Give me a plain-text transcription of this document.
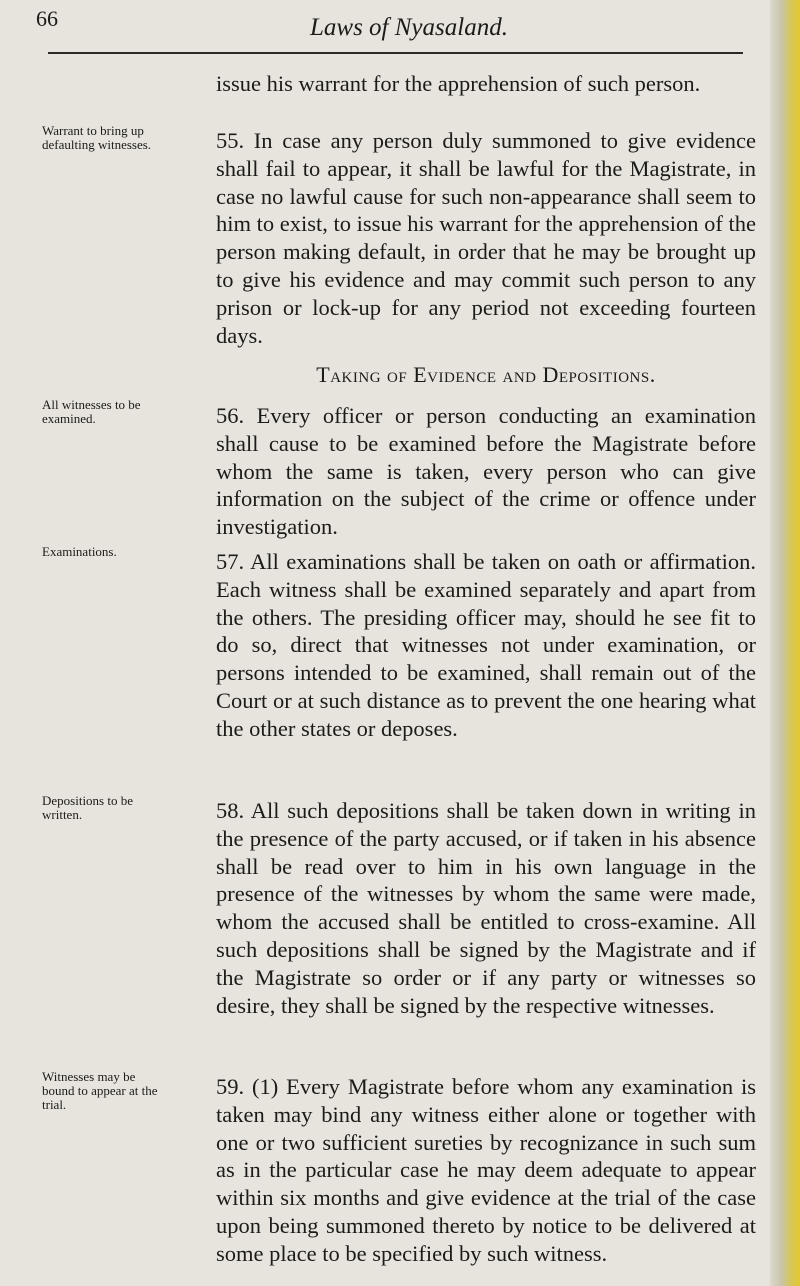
66	Laws of Nyasaland.

issue his warrant for the apprehension of such person.

Warrant to bring up defaulting witnesses.	55. In case any person duly summoned to give evidence shall fail to appear, it shall be lawful for the Magistrate, in case no lawful cause for such non-appearance shall seem to him to exist, to issue his warrant for the apprehension of the person making default, in order that he may be brought up to give his evidence and may commit such person to any prison or lock-up for any period not exceeding fourteen days.

Taking of Evidence and Depositions.
All witnesses to be examined.	56. Every officer or person conducting an examination shall cause to be examined before the Magistrate before whom the same is taken, every person who can give information on the subject of the crime or offence under investigation.

Examinations.	57. All examinations shall be taken on oath or affirmation. Each witness shall be examined separately and apart from the others. The presiding officer may, should he see fit to do so, direct that witnesses not under examination, or persons intended to be examined, shall remain out of the Court or at such distance as to prevent the one hearing what the other states or deposes.

Depositions to be written.	58. All such depositions shall be taken down in writing in the presence of the party accused, or if taken in his absence shall be read over to him in his own language in the presence of the witnesses by whom the same were made, whom the accused shall be entitled to cross-examine. All such depositions shall be signed by the Magistrate and if the Magistrate so order or if any party or witnesses so desire, they shall be signed by the respective witnesses.

Witnesses may be bound to appear at the trial.

59. (1) Every Magistrate before whom any examination is taken may bind any witness either alone or together with one or two sufficient sureties by recognizance in such sum as in the particular case he may deem adequate to appear within six months and give evidence at the trial of the case upon being summoned thereto by notice to be delivered at some place to be specified by such witness.
